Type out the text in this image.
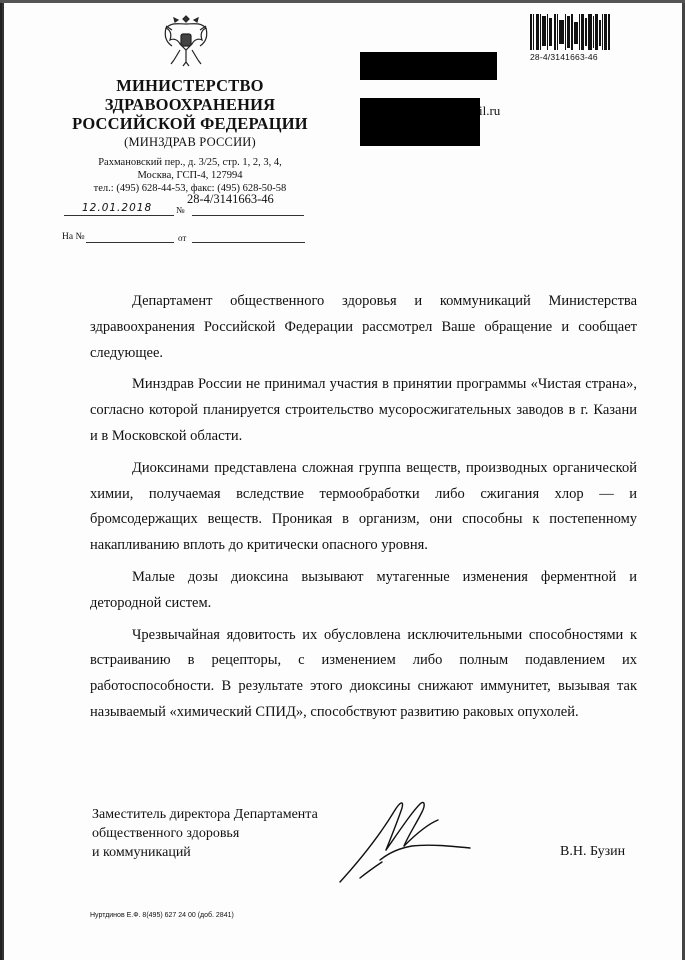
МИНИСТЕРСТВО
ЗДРАВООХРАНЕНИЯ
РОССИЙСКОЙ ФЕДЕРАЦИИ
(МИНЗДРАВ РОССИИ)
Рахмановский пер., д. 3/25, стр. 1, 2, 3, 4,
Москва, ГСП-4, 127994
тел.: (495) 628-44-53, факс: (495) 628-50-58
28-4/3141663-46
12.01.2018	№
На №	от
28-4/3141663-46
il.ru

Департамент общественного здоровья и коммуникаций Министерства здравоохранения Российской Федерации рассмотрел Ваше обращение и сообщает следующее.

Минздрав России не принимал участия в принятии программы «Чистая страна», согласно которой планируется строительство мусоросжигательных заводов в г. Казани и в Московской области.

Диоксинами представлена сложная группа веществ, производных органической химии, получаемая вследствие термообработки либо сжигания хлор — и бромсодержащих веществ. Проникая в организм, они способны к постепенному накапливанию вплоть до критически опасного уровня.

Малые дозы диоксина вызывают мутагенные изменения ферментной и детородной систем.

Чрезвычайная ядовитость их обусловлена исключительными способностями к встраиванию в рецепторы, с изменением либо полным подавлением их работоспособности. В результате этого диоксины снижают иммунитет, вызывая так называемый «химический СПИД», способствуют развитию раковых опухолей.

Заместитель директора Департамента
общественного здоровья
и коммуникаций	В.Н. Бузин
Нуртдинов Е.Ф. 8(495) 627 24 00 (доб. 2841)
